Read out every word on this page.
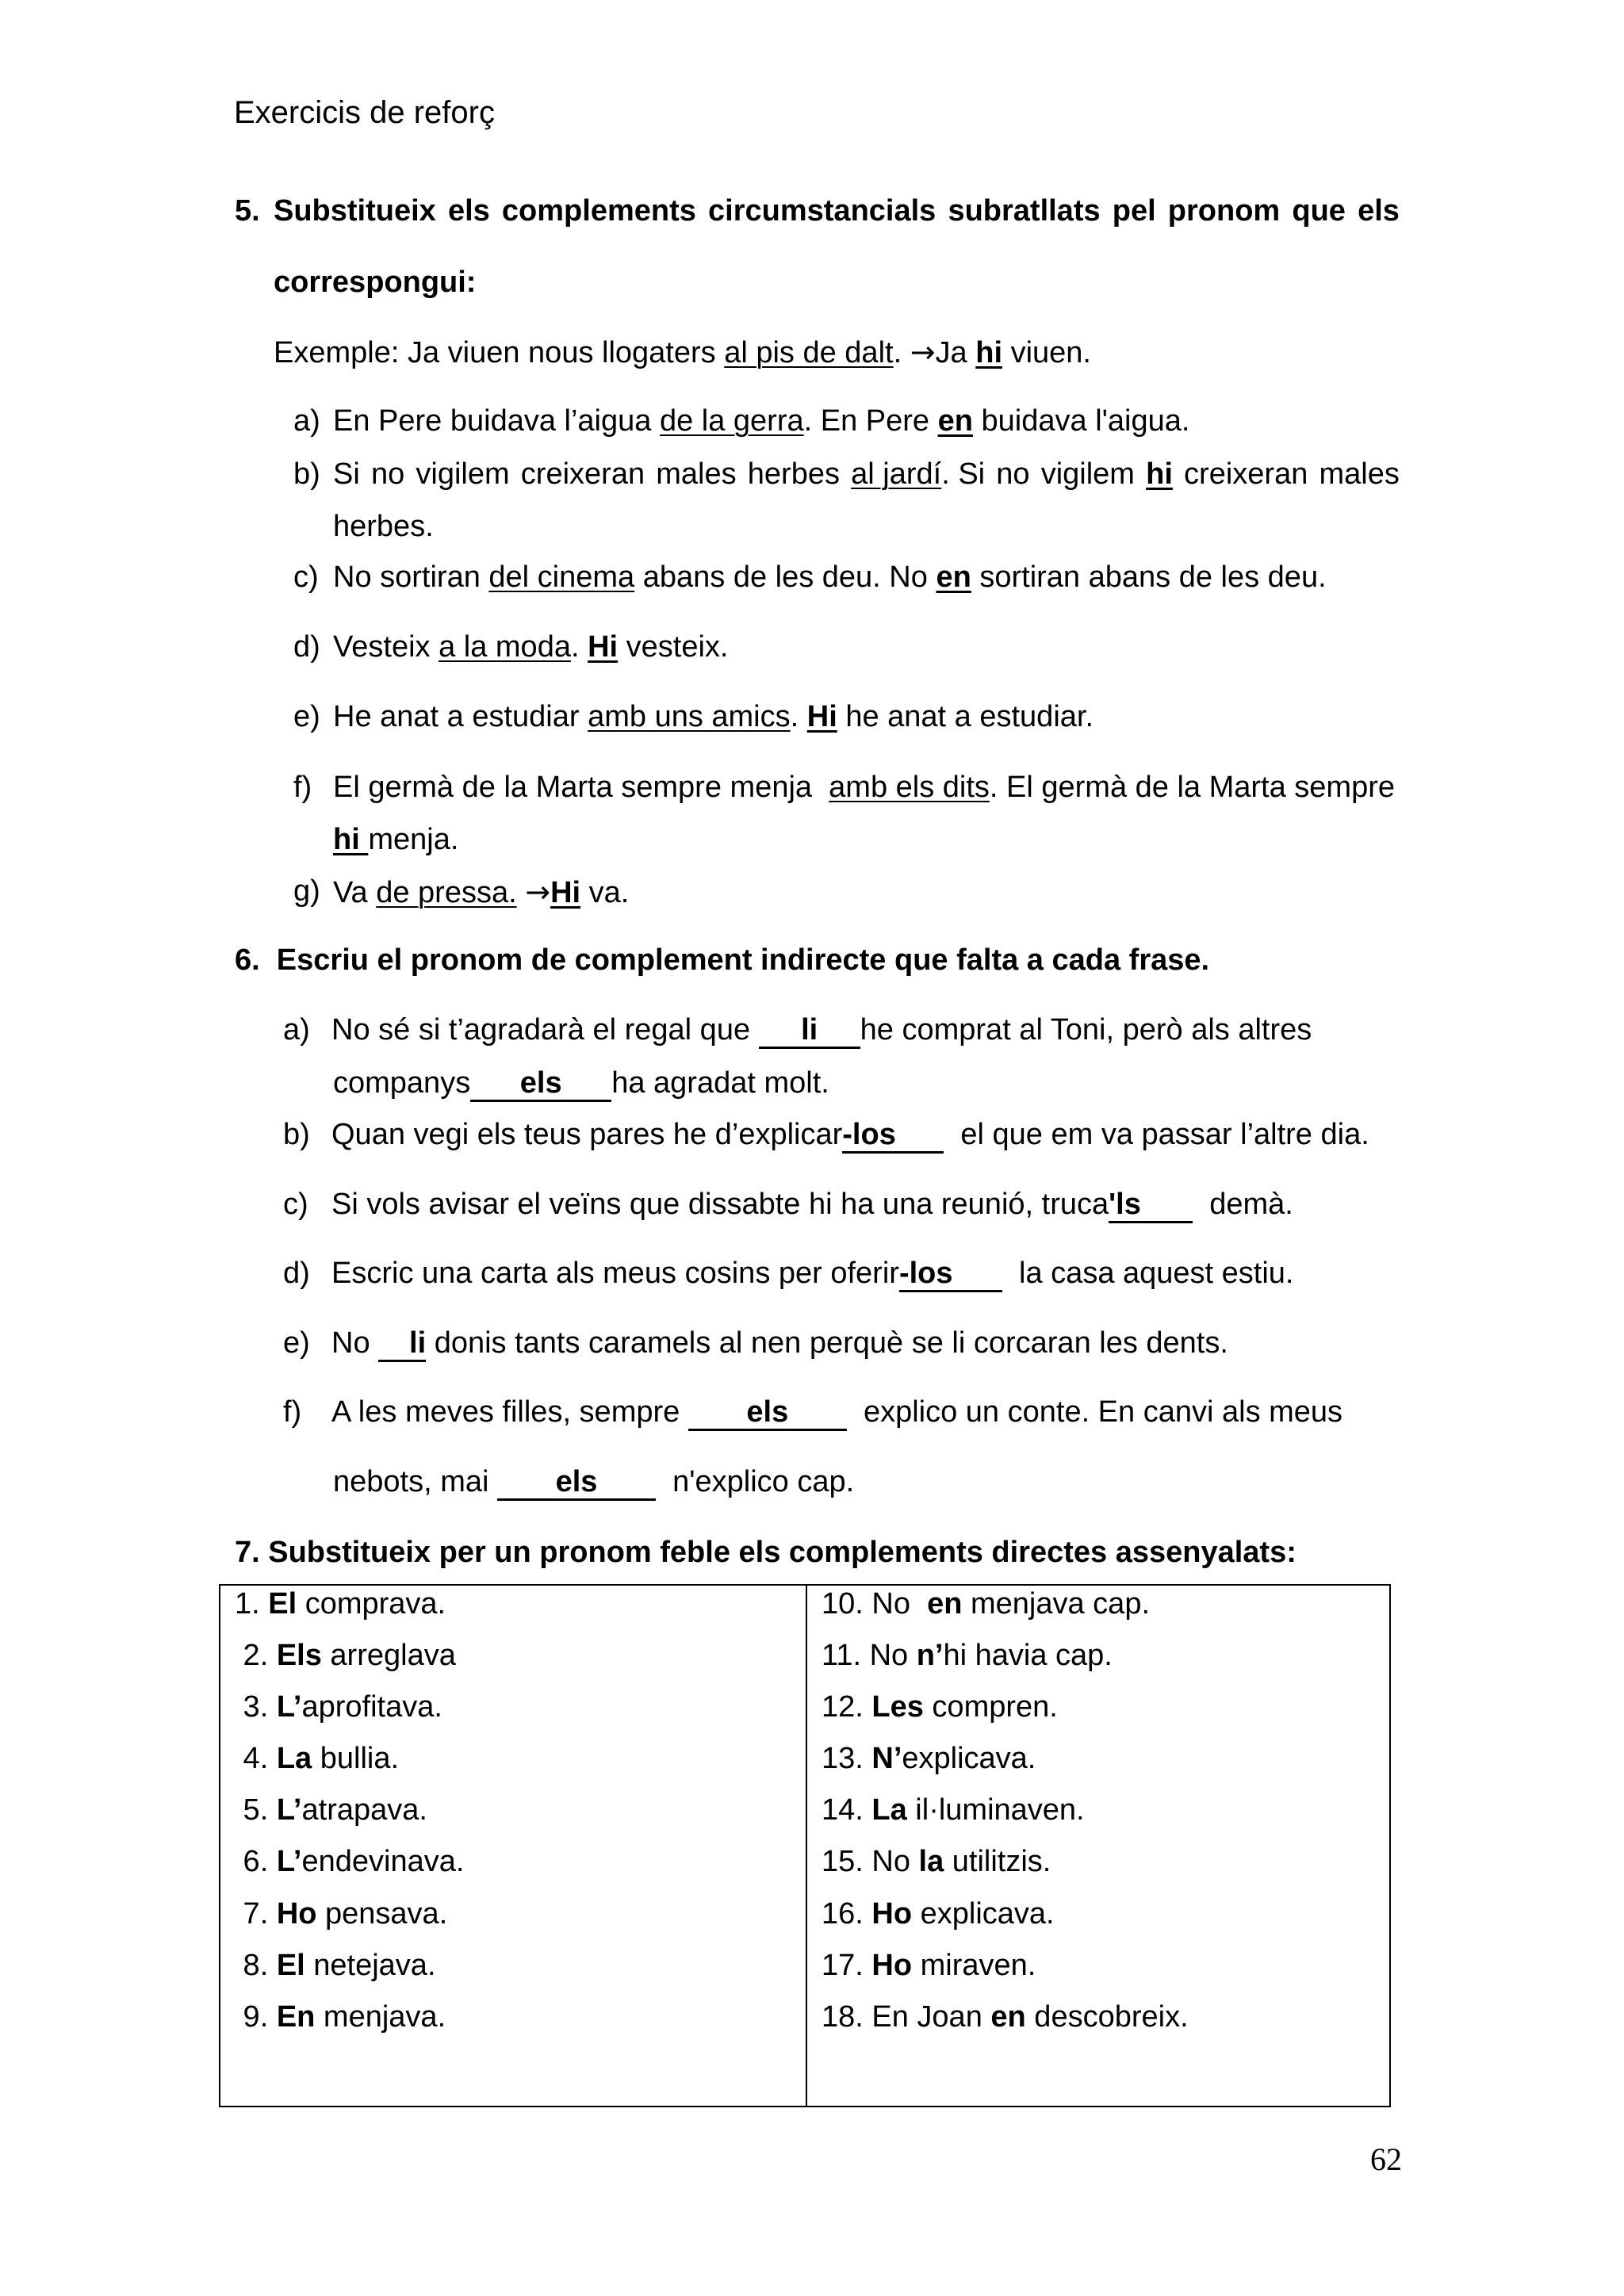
Exercicis de reforç
5. Substitueix els complements circumstancials subratllats pel pronom que els
correspongui:
Exemple: Ja viuen nous llogaters al pis de dalt. →Ja hi viuen.
a) En Pere buidava l’aigua de la gerra. En Pere en buidava l'aigua.
b) Si no vigilem creixeran males herbes al jardí. Si no vigilem hi creixeran males
herbes.
c) No sortiran del cinema abans de les deu. No en sortiran abans de les deu.
d) Vesteix a la moda. Hi vesteix.
e) He anat a estudiar amb uns amics. Hi he anat a estudiar.
f) El germà de la Marta sempre menja  amb els dits. El germà de la Marta sempre
hi menja.
g) Va de pressa. →Hi va.
6.  Escriu el pronom de complement indirecte que falta a cada frase.
a) No sé si t’agradarà el regal que li he comprat al Toni, però als altres
companys els ha agradat molt.
b) Quan vegi els teus pares he d’explicar-los  el que em va passar l’altre dia.
c) Si vols avisar el veïns que dissabte hi ha una reunió, truca'ls  demà.
d) Escric una carta als meus cosins per oferir-los  la casa aquest estiu.
e) No li donis tants caramels al nen perquè se li corcaran les dents.
f) A les meves filles, sempre els  explico un conte. En canvi als meus
nebots, mai els  n'explico cap.
7. Substitueix per un pronom feble els complements directes assenyalats:
1. El comprava.
2. Els arreglava
3. L’aprofitava.
4. La bullia.
5. L’atrapava.
6. L’endevinava.
7. Ho pensava.
8. El netejava.
9. En menjava.
10. No  en menjava cap.
11. No n’hi havia cap.
12. Les compren.
13. N’explicava.
14. La il·luminaven.
15. No la utilitzis.
16. Ho explicava.
17. Ho miraven.
18. En Joan en descobreix.
62
